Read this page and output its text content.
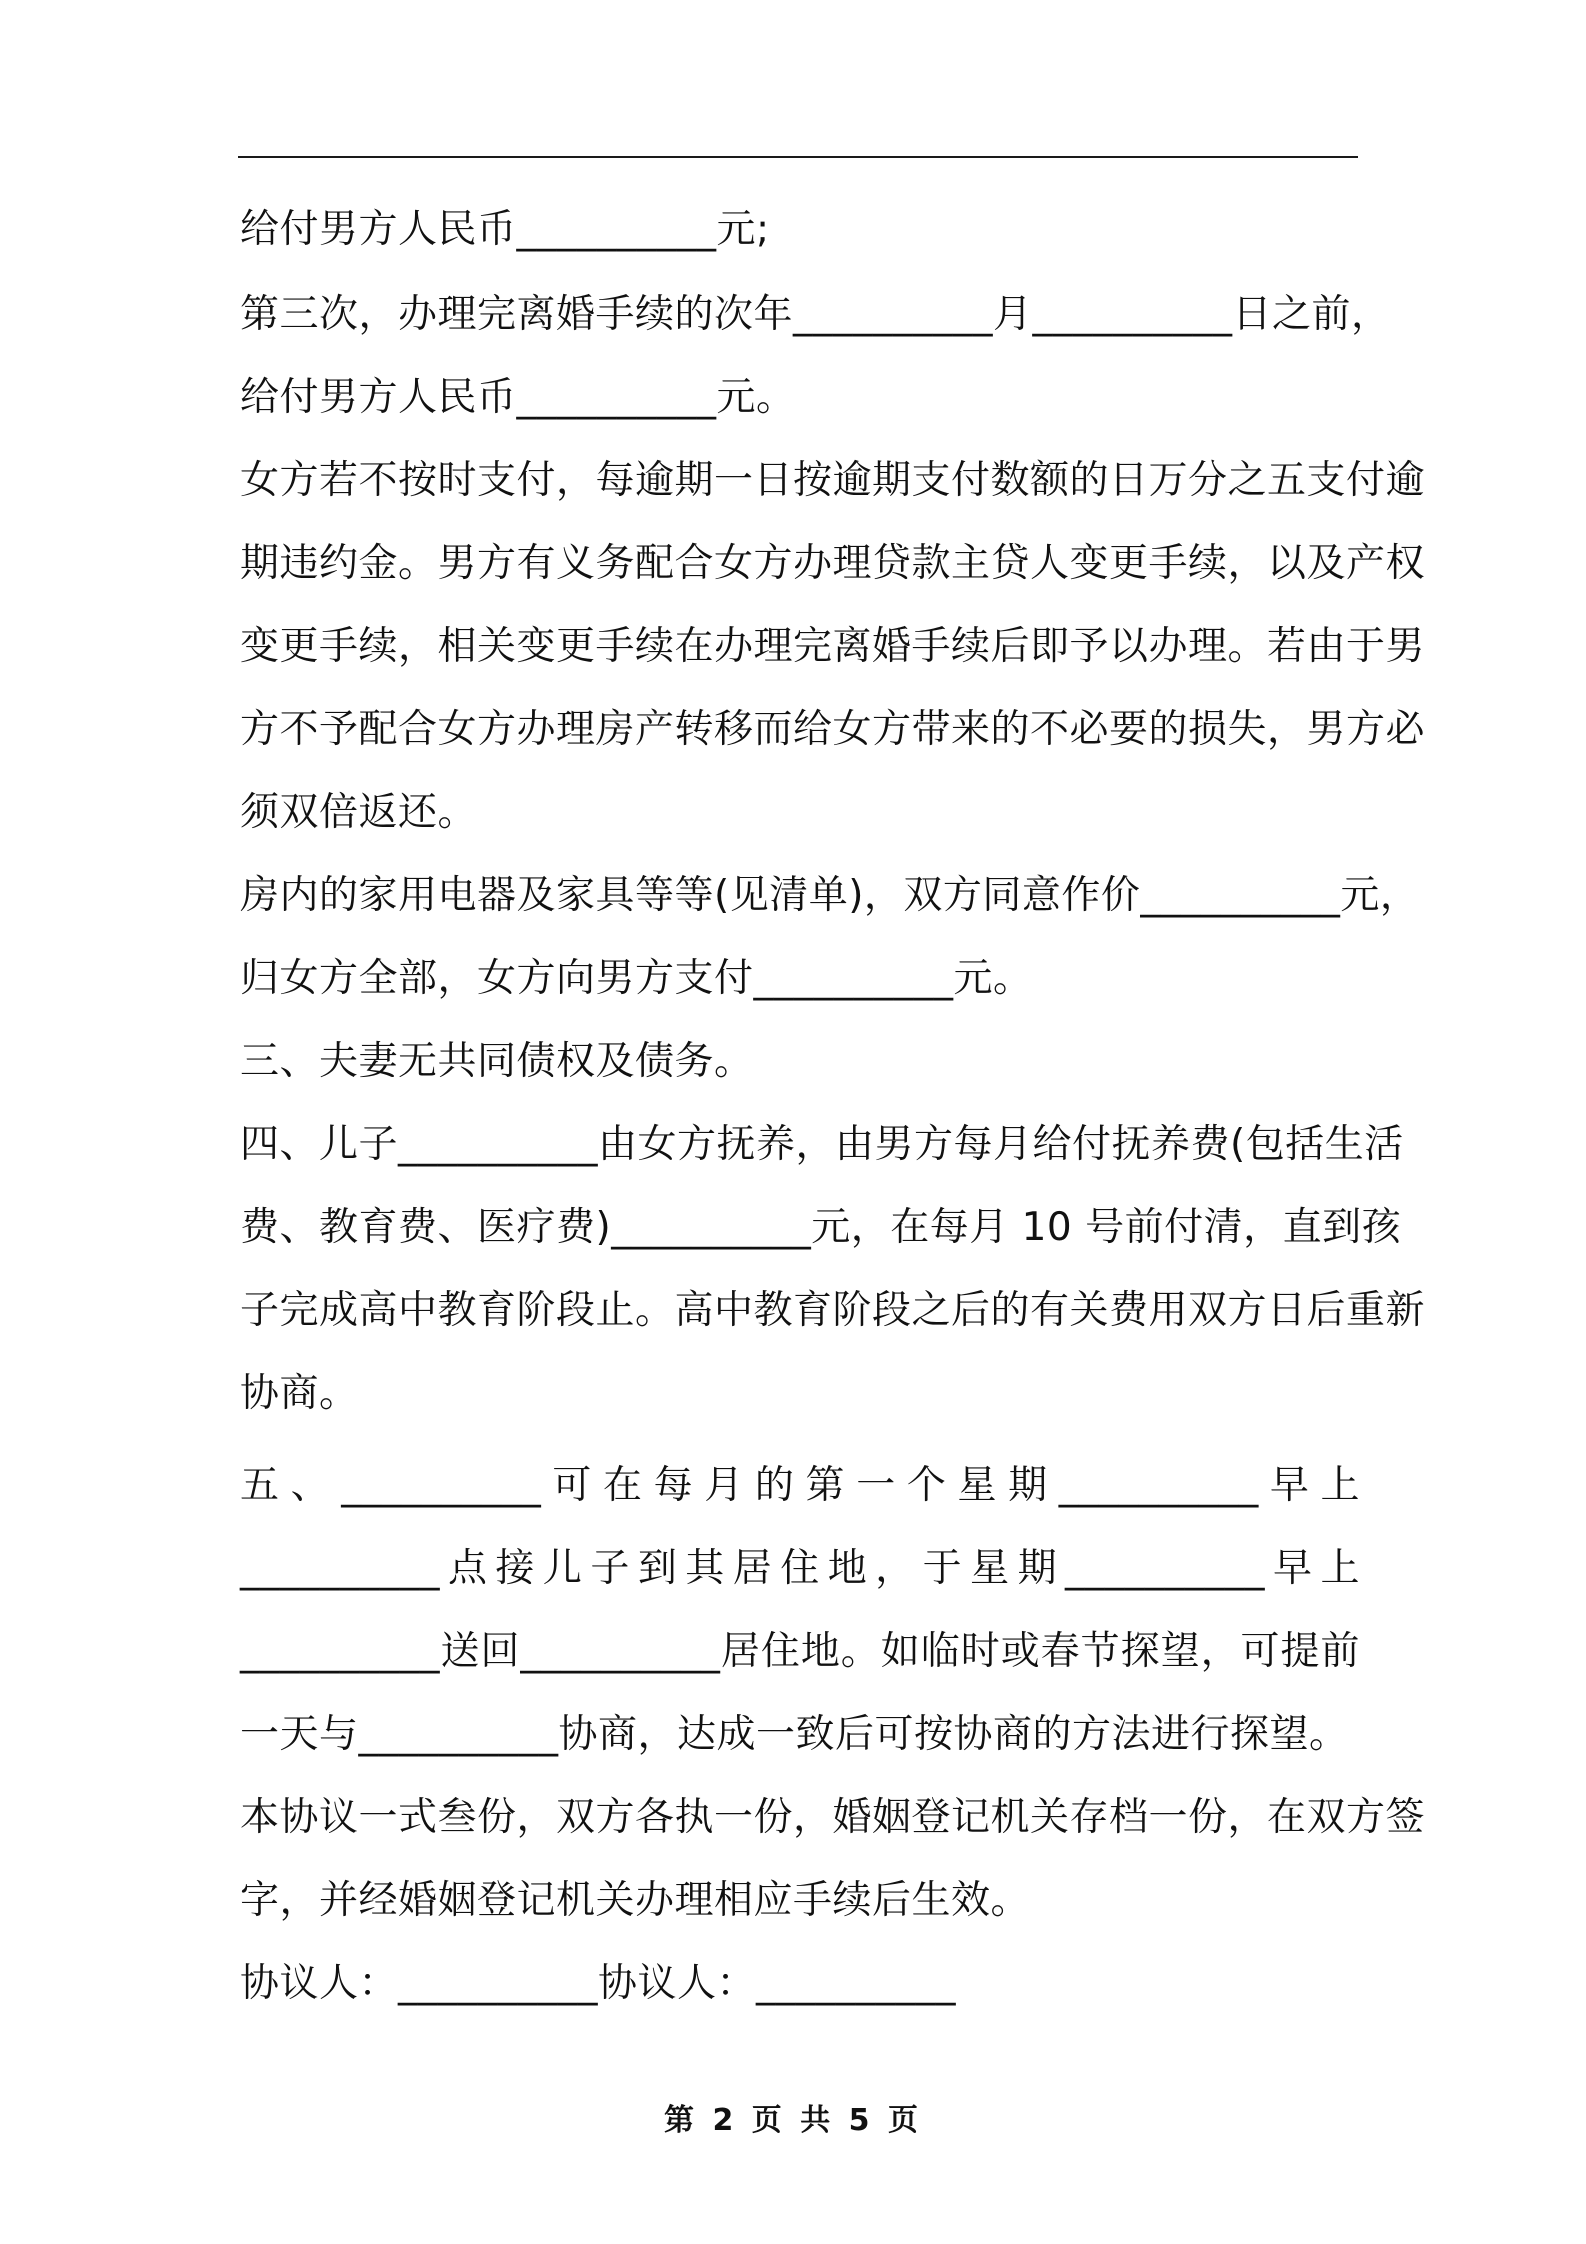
给付男方人民币__________元;
第三次，办理完离婚手续的次年__________月__________日之前，
给付男方人民币__________元。
女方若不按时支付，每逾期一日按逾期支付数额的日万分之五支付逾
期违约金。男方有义务配合女方办理贷款主贷人变更手续，以及产权
变更手续，相关变更手续在办理完离婚手续后即予以办理。若由于男
方不予配合女方办理房产转移而给女方带来的不必要的损失，男方必
须双倍返还。
房内的家用电器及家具等等(见清单)，双方同意作价__________元，
归女方全部，女方向男方支付__________元。
三、夫妻无共同债权及债务。
四、儿子__________由女方抚养，由男方每月给付抚养费(包括生活
费、教育费、医疗费)__________元，在每月 10 号前付清，直到孩
子完成高中教育阶段止。高中教育阶段之后的有关费用双方日后重新
协商。
五、__________可在每月的第一个星期__________早上
__________点接儿子到其居住地，于星期__________早上
__________送回__________居住地。如临时或春节探望，可提前
一天与__________协商，达成一致后可按协商的方法进行探望。
本协议一式叁份，双方各执一份，婚姻登记机关存档一份，在双方签
字，并经婚姻登记机关办理相应手续后生效。
协议人：__________协议人：__________
第 2 页 共 5 页
